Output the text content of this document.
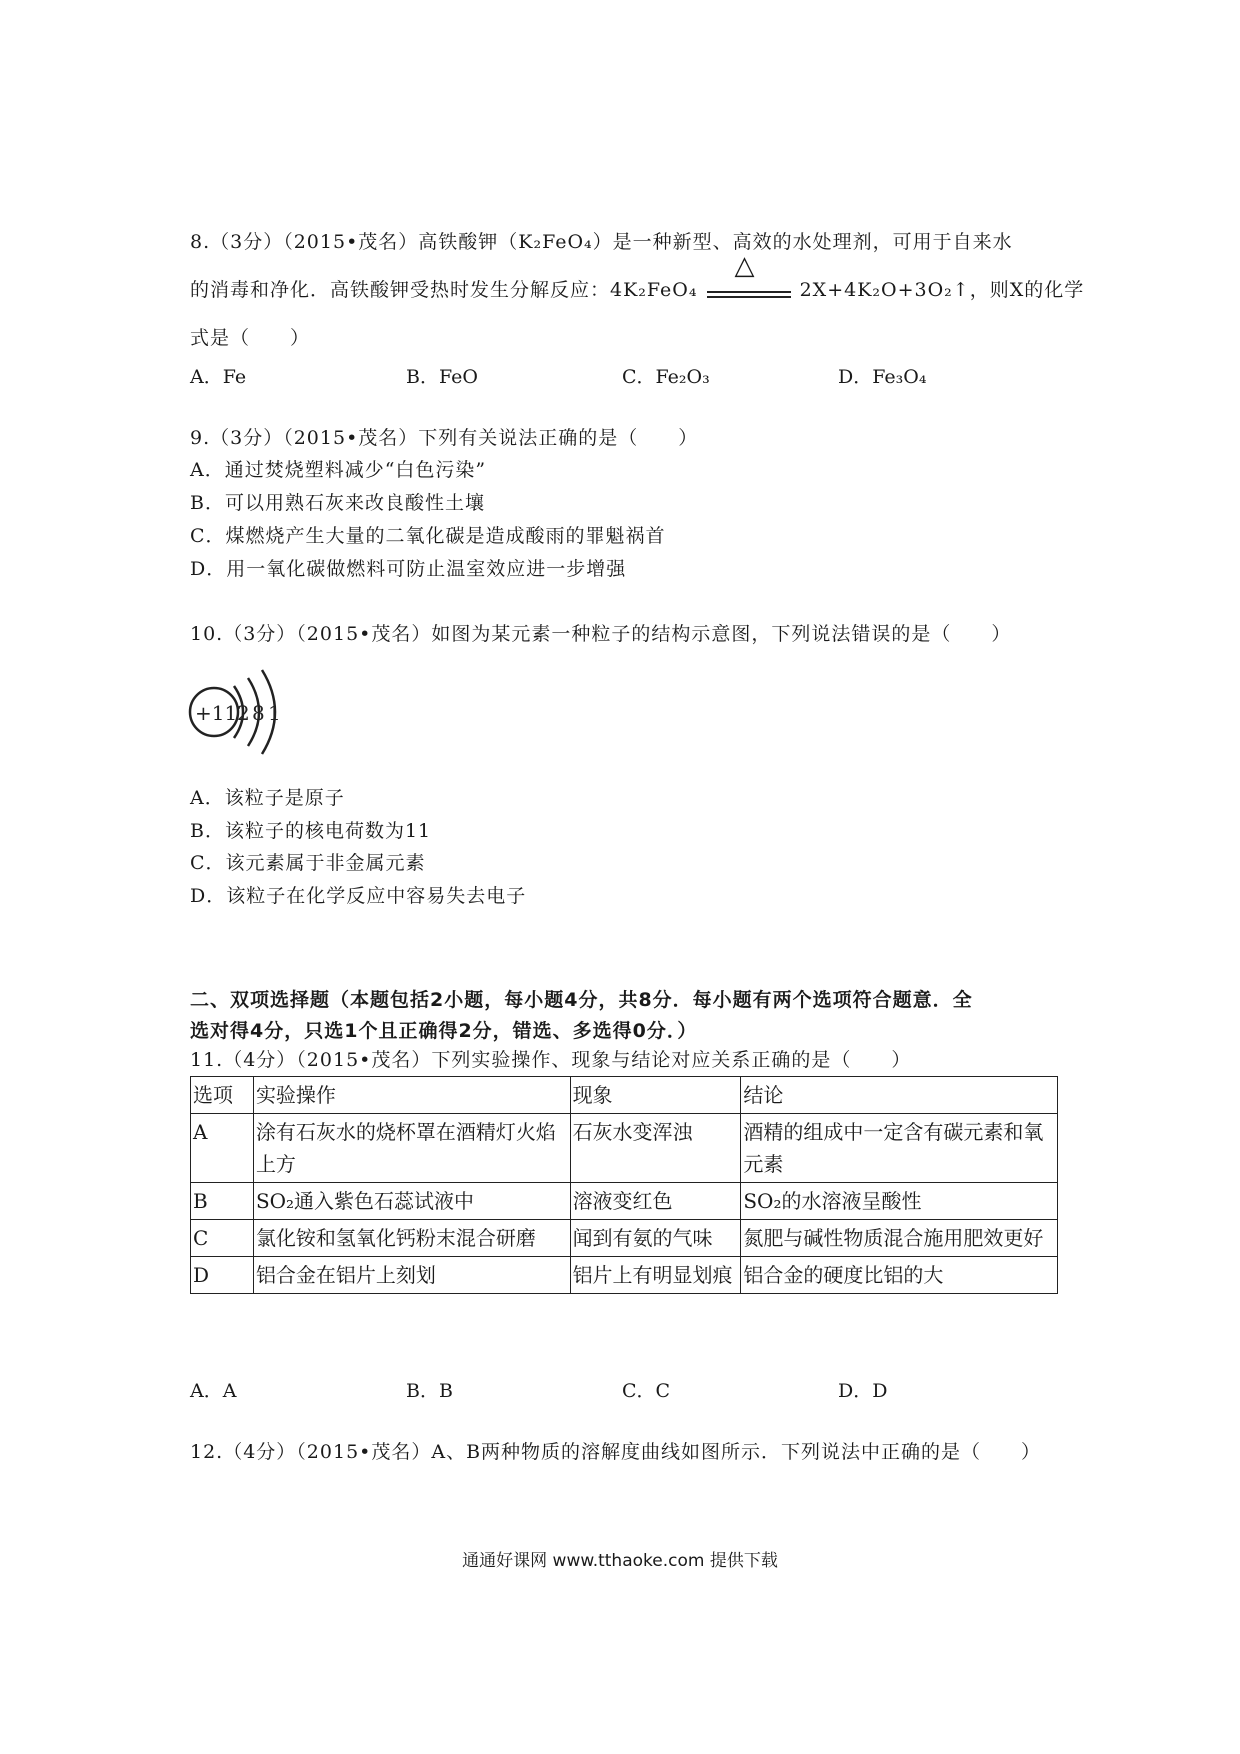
8.（3分）（2015•茂名）高铁酸钾（K₂FeO₄）是一种新型、高效的水处理剂，可用于自来水
的消毒和净化．高铁酸钾受热时发生分解反应：4K₂FeO₄
△
2X+4K₂O+3O₂↑，则X的化学
式是（　　）
A．Fe	B．FeO	C．Fe₂O₃	D．Fe₃O₄
9.（3分）（2015•茂名）下列有关说法正确的是（　　）
A．通过焚烧塑料减少“白色污染”
B．可以用熟石灰来改良酸性土壤
C．煤燃烧产生大量的二氧化碳是造成酸雨的罪魁祸首
D．用一氧化碳做燃料可防止温室效应进一步增强
10.（3分）（2015•茂名）如图为某元素一种粒子的结构示意图，下列说法错误的是（　　）
+11 2 8 1
A．该粒子是原子
B．该粒子的核电荷数为11
C．该元素属于非金属元素
D．该粒子在化学反应中容易失去电子
二、双项选择题（本题包括2小题，每小题4分，共8分．每小题有两个选项符合题意．全
选对得4分，只选1个且正确得2分，错选、多选得0分．）
11.（4分）（2015•茂名）下列实验操作、现象与结论对应关系正确的是（　　）
选项	实验操作	现象	结论
A	涂有石灰水的烧杯罩在酒精灯火焰上方	石灰水变浑浊	酒精的组成中一定含有碳元素和氧元素
B	SO₂通入紫色石蕊试液中	溶液变红色	SO₂的水溶液呈酸性
C	氯化铵和氢氧化钙粉末混合研磨	闻到有氨的气味	氮肥与碱性物质混合施用肥效更好
D	铝合金在铝片上刻划	铝片上有明显划痕	铝合金的硬度比铝的大
A．A	B．B	C．C	D．D
12.（4分）（2015•茂名）A、B两种物质的溶解度曲线如图所示．下列说法中正确的是（　　）
通通好课网 www.tthaoke.com 提供下载
